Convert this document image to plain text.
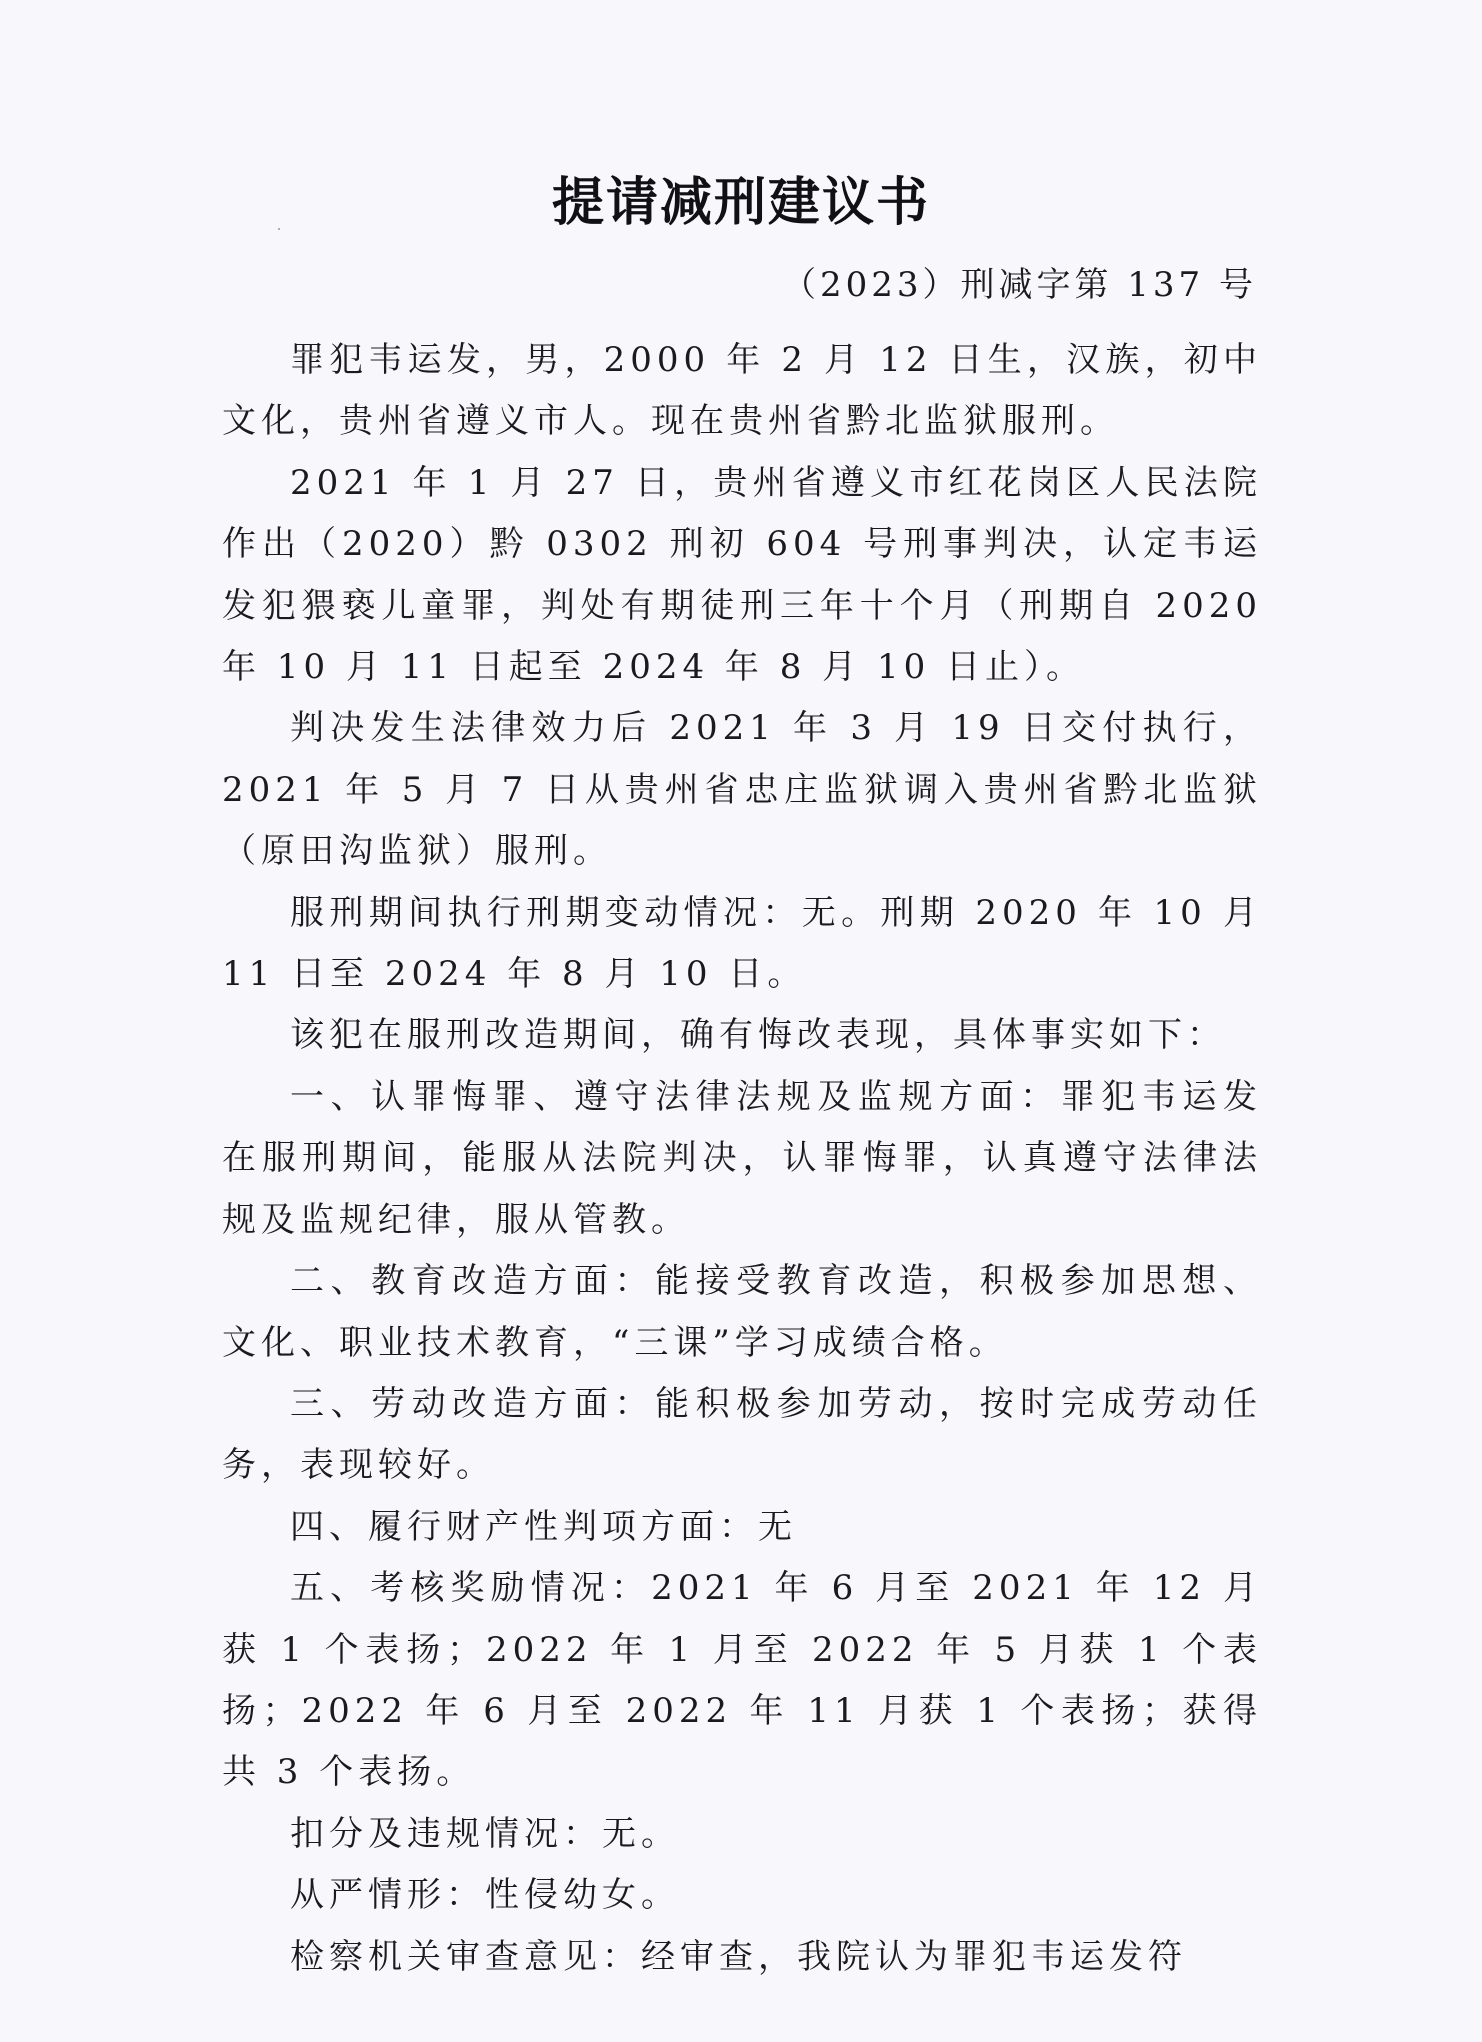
提请减刑建议书
（2023）刑减字第 137 号

罪犯韦运发，男，2000 年 2 月 12 日生，汉族，初中文化，贵州省遵义市人。现在贵州省黔北监狱服刑。

2021 年 1 月 27 日，贵州省遵义市红花岗区人民法院作出（2020）黔 0302 刑初 604 号刑事判决，认定韦运发犯猥亵儿童罪，判处有期徒刑三年十个月（刑期自 2020 年 10 月 11 日起至 2024 年 8 月 10 日止）。

判决发生法律效力后 2021 年 3 月 19 日交付执行，2021 年 5 月 7 日从贵州省忠庄监狱调入贵州省黔北监狱（原田沟监狱）服刑。

服刑期间执行刑期变动情况：无。刑期 2020 年 10 月 11 日至 2024 年 8 月 10 日。

该犯在服刑改造期间，确有悔改表现，具体事实如下：

一、认罪悔罪、遵守法律法规及监规方面：罪犯韦运发在服刑期间，能服从法院判决，认罪悔罪，认真遵守法律法规及监规纪律，服从管教。

二、教育改造方面：能接受教育改造，积极参加思想、文化、职业技术教育，“三课”学习成绩合格。

三、劳动改造方面：能积极参加劳动，按时完成劳动任务，表现较好。

四、履行财产性判项方面：无

五、考核奖励情况：2021 年 6 月至 2021 年 12 月获 1 个表扬；2022 年 1 月至 2022 年 5 月获 1 个表扬；2022 年 6 月至 2022 年 11 月获 1 个表扬；获得共 3 个表扬。

扣分及违规情况：无。

从严情形：性侵幼女。

检察机关审查意见：经审查，我院认为罪犯韦运发符
